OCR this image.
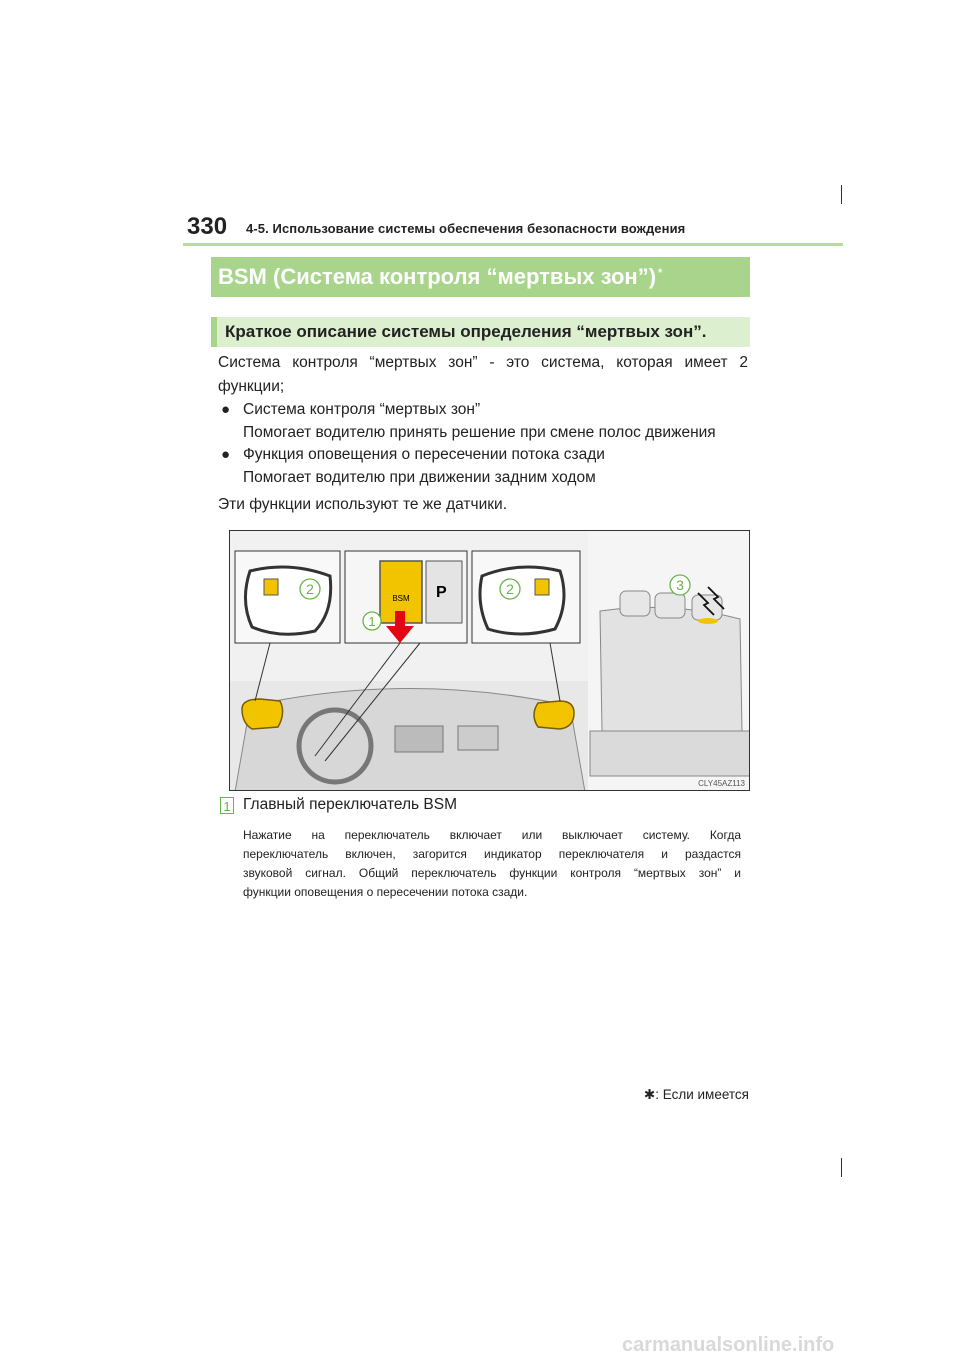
330 4-5. Использование системы обеспечения безопасности вождения
BSM (Система контроля “мертвых зон”) *
Краткое описание системы определения “мертвых зон”.
Система контроля “мертвых зон” - это система, которая имеет 2
функции;
● Система контроля “мертвых зон”
Помогает водителю принять решение при смене полос движения
● Функция оповещения о пересечении потока сзади
Помогает водителю при движении задним ходом
Эти функции используют те же датчики.
BSM P
1
2	2	3
CLY45AZ113
1 Главный переключатель BSM
Нажатие на переключатель включает или выключает систему. Когда
переключатель включен, загорится индикатор переключателя и раздастся
звуковой сигнал. Общий переключатель функции контроля “мертвых зон” и
функции оповещения о пересечении потока сзади.
✱: Если имеется
carmanualsonline.info
